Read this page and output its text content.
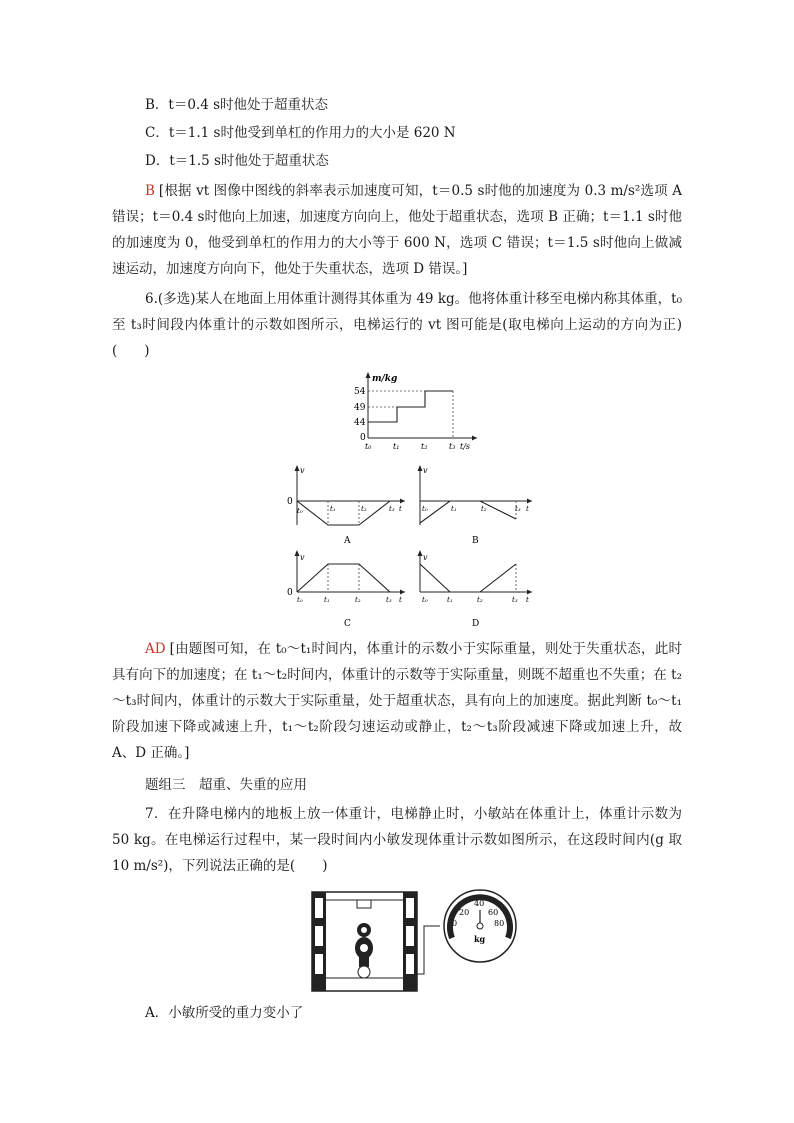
B．t＝0.4 s时他处于超重状态
C．t＝1.1 s时他受到单杠的作用力的大小是 620 N
D．t＝1.5 s时他处于超重状态
B [根据 vt 图像中图线的斜率表示加速度可知，t＝0.5 s时他的加速度为 0.3 m/s²选项 A 错误；t＝0.4 s时他向上加速，加速度方向向上，他处于超重状态，选项 B 正确；t＝1.1 s时他的加速度为 0，他受到单杠的作用力的大小等于 600 N，选项 C 错误；t＝1.5 s时他向上做减速运动，加速度方向向下，他处于失重状态，选项 D 错误。]
6.(多选)某人在地面上用体重计测得其体重为 49 kg。他将体重计移至电梯内称其体重，t₀至 t₃时间段内体重计的示数如图所示，电梯运行的 vt 图可能是(取电梯向上运动的方向为正)(　　)
m/kg
54
49
44
0
t₀	t₁	t₂	t₃ t/s
v
0
t₀	t₁	t₂	t₃ t
A
v
t₀	t₁	t₂	t₃ t
B
v
0
t₀	t₁	t₂	t₃ t
C
v
t₀	t₁	t₂	t₃ t
D
AD [由题图可知，在 t₀～t₁时间内，体重计的示数小于实际重量，则处于失重状态，此时具有向下的加速度；在 t₁～t₂时间内，体重计的示数等于实际重量，则既不超重也不失重；在 t₂～t₃时间内，体重计的示数大于实际重量，处于超重状态，具有向上的加速度。据此判断 t₀～t₁阶段加速下降或减速上升，t₁～t₂阶段匀速运动或静止，t₂～t₃阶段减速下降或加速上升，故 A、D 正确。]
题组三　超重、失重的应用
7．在升降电梯内的地板上放一体重计，电梯静止时，小敏站在体重计上，体重计示数为 50 kg。在电梯运行过程中，某一段时间内小敏发现体重计示数如图所示，在这段时间内(g 取 10 m/s²)，下列说法正确的是(　　)
0
20
40
60
80
kg
A．小敏所受的重力变小了
